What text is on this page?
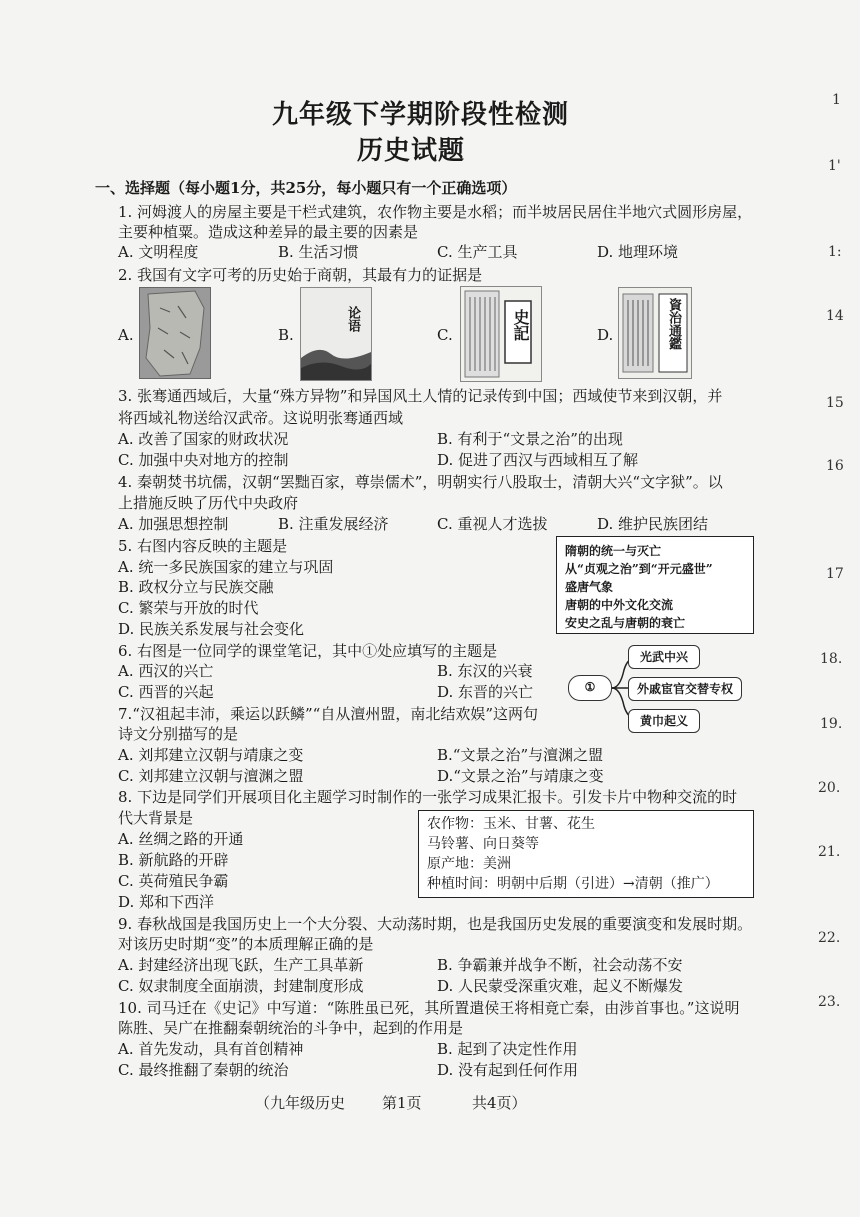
九年级下学期阶段性检测
历史试题
一、选择题（每小题1分，共25分，每小题只有一个正确选项）
1. 河姆渡人的房屋主要是干栏式建筑，农作物主要是水稻；而半坡居民居住半地穴式圆形房屋，
主要种植粟。造成这种差异的最主要的因素是
A. 文明程度	B. 生活习惯	C. 生产工具	D. 地理环境
2. 我国有文字可考的历史始于商朝，其最有力的证据是
A.	B.
论语
C.	史記	D.	資治通鑑
3. 张骞通西域后，大量“殊方异物”和异国风土人情的记录传到中国；西域使节来到汉朝，并
将西域礼物送给汉武帝。这说明张骞通西域
A. 改善了国家的财政状况	B. 有利于“文景之治”的出现
C. 加强中央对地方的控制	D. 促进了西汉与西域相互了解
4. 秦朝焚书坑儒，汉朝“罢黜百家，尊崇儒术”，明朝实行八股取士，清朝大兴“文字狱”。以
上措施反映了历代中央政府
A. 加强思想控制	B. 注重发展经济	C. 重视人才选拔	D. 维护民族团结
5. 右图内容反映的主题是
A. 统一多民族国家的建立与巩固
B. 政权分立与民族交融
C. 繁荣与开放的时代
D. 民族关系发展与社会变化
隋朝的统一与灭亡
从“贞观之治”到“开元盛世”
盛唐气象
唐朝的中外文化交流
安史之乱与唐朝的衰亡
6. 右图是一位同学的课堂笔记，其中①处应填写的主题是
A. 西汉的兴亡	B. 东汉的兴衰
C. 西晋的兴起	D. 东晋的兴亡	①
光武中兴
外戚宦官交替专权
黄巾起义
7.“汉祖起丰沛，乘运以跃鳞”“自从澶州盟，南北结欢娱”这两句
诗文分别描写的是
A. 刘邦建立汉朝与靖康之变	B.“文景之治”与澶渊之盟
C. 刘邦建立汉朝与澶渊之盟	D.“文景之治”与靖康之变
8. 下边是同学们开展项目化主题学习时制作的一张学习成果汇报卡。引发卡片中物种交流的时
代大背景是
A. 丝绸之路的开通
B. 新航路的开辟
C. 英荷殖民争霸
D. 郑和下西洋
农作物：玉米、甘薯、花生
马铃薯、向日葵等
原产地：美洲
种植时间：明朝中后期（引进）→清朝（推广）
9. 春秋战国是我国历史上一个大分裂、大动荡时期，也是我国历史发展的重要演变和发展时期。
对该历史时期“变”的本质理解正确的是
A. 封建经济出现飞跃，生产工具革新	B. 争霸兼并战争不断，社会动荡不安
C. 奴隶制度全面崩溃，封建制度形成	D. 人民蒙受深重灾难，起义不断爆发
10. 司马迁在《史记》中写道：“陈胜虽已死，其所置遣侯王将相竟亡秦，由涉首事也。”这说明
陈胜、吴广在推翻秦朝统治的斗争中，起到的作用是
A. 首先发动，具有首创精神	B. 起到了决定性作用
C. 最终推翻了秦朝的统治	D. 没有起到任何作用
（九年级历史 第1页	共4页）
1
1'
1:
14
15
16
17
18.
19.
20.
21.
22.
23.
